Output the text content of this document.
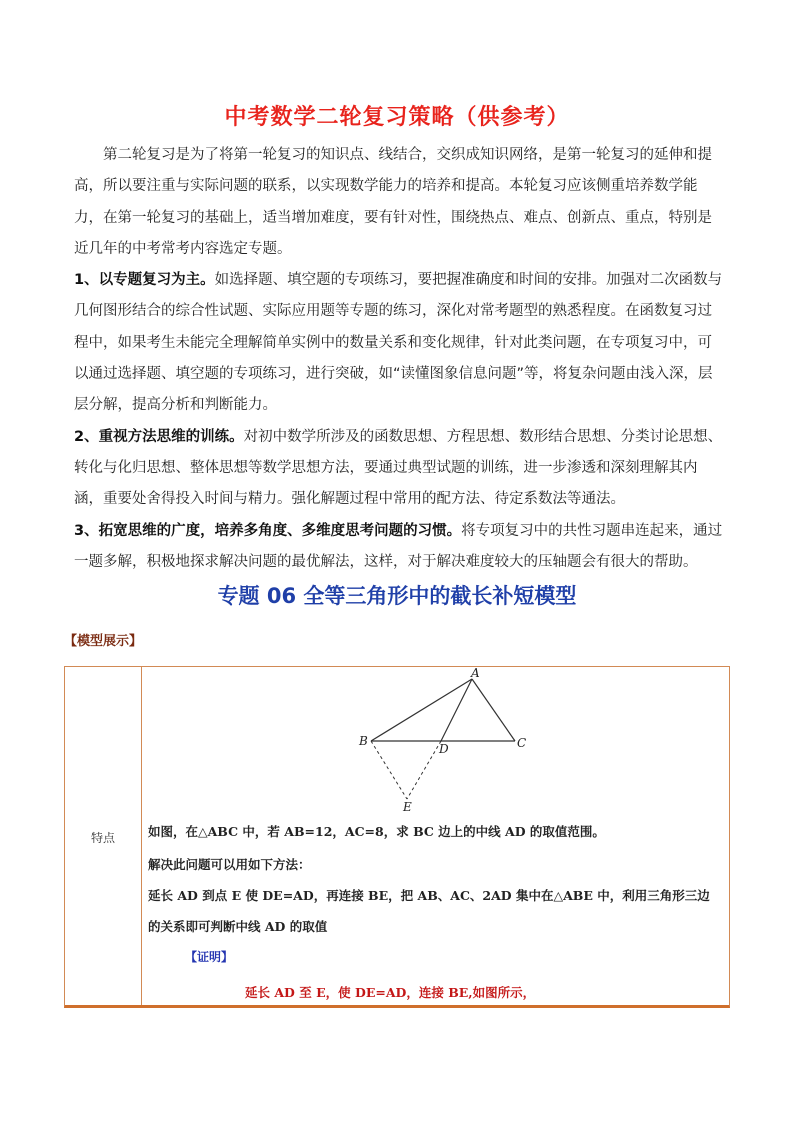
中考数学二轮复习策略（供参考）

第二轮复习是为了将第一轮复习的知识点、线结合，交织成知识网络，是第一轮复习的延伸和提高，所以要注重与实际问题的联系，以实现数学能力的培养和提高。本轮复习应该侧重培养数学能力，在第一轮复习的基础上，适当增加难度，要有针对性，围绕热点、难点、创新点、重点，特别是近几年的中考常考内容选定专题。

1、以专题复习为主。如选择题、填空题的专项练习，要把握准确度和时间的安排。加强对二次函数与几何图形结合的综合性试题、实际应用题等专题的练习，深化对常考题型的熟悉程度。在函数复习过程中，如果考生未能完全理解简单实例中的数量关系和变化规律，针对此类问题，在专项复习中，可以通过选择题、填空题的专项练习，进行突破，如“读懂图象信息问题”等，将复杂问题由浅入深，层层分解，提高分析和判断能力。

2、重视方法思维的训练。对初中数学所涉及的函数思想、方程思想、数形结合思想、分类讨论思想、转化与化归思想、整体思想等数学思想方法，要通过典型试题的训练，进一步渗透和深刻理解其内涵，重要处舍得投入时间与精力。强化解题过程中常用的配方法、待定系数法等通法。

3、拓宽思维的广度，培养多角度、多维度思考问题的习惯。将专项复习中的共性习题串连起来，通过一题多解，积极地探求解决问题的最优解法，这样，对于解决难度较大的压轴题会有很大的帮助。

专题 06 全等三角形中的截长补短模型
【模型展示】
特点
A
B	C
D
E
如图，在△ABC 中，若 AB=12，AC=8，求 BC 边上的中线 AD 的取值范围。
解决此问题可以用如下方法：
延长 AD 到点 E 使 DE=AD，再连接 BE，把 AB、AC、2AD 集中在△ABE 中，利用三角形三边
的关系即可判断中线 AD 的取值
【证明】
延长 AD 至 E，使 DE=AD，连接 BE,如图所示，
